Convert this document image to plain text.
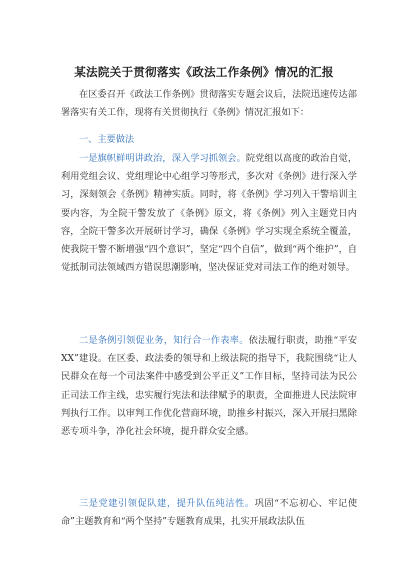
某法院关于贯彻落实《政法工作条例》情况的汇报

在区委召开《政法工作条例》贯彻落实专题会议后，法院迅速传达部署落实有关工作，现将有关贯彻执行《条例》情况汇报如下：

一、主要做法

一是旗帜鲜明讲政治，深入学习抓领会。院党组以高度的政治自觉，利用党组会议、党组理论中心组学习等形式，多次对《条例》进行深入学习，深刻领会《条例》精神实质。同时，将《条例》学习列入干警培训主要内容，为全院干警发放了《条例》原文，将《条例》列入主题党日内容，全院干警多次开展研讨学习，确保《条例》学习实现全系统全覆盖，使我院干警不断增强“四个意识”，坚定“四个自信”，做到“两个维护”，自觉抵制司法领域西方错误思潮影响，坚决保证党对司法工作的绝对领导。

二是条例引领促业务，知行合一作表率。依法履行职责，助推“平安XX”建设。在区委、政法委的领导和上级法院的指导下，我院围绕“让人民群众在每一个司法案件中感受到公平正义”工作目标，坚持司法为民公正司法工作主线，忠实履行宪法和法律赋予的职责，全面推进人民法院审判执行工作。以审判工作优化营商环境，助推乡村振兴，深入开展扫黑除恶专项斗争，净化社会环境，提升群众安全感。

三是党建引领促队建，提升队伍纯洁性。巩固“不忘初心、牢记使命”主题教育和“两个坚持”专题教育成果，扎实开展政法队伍
